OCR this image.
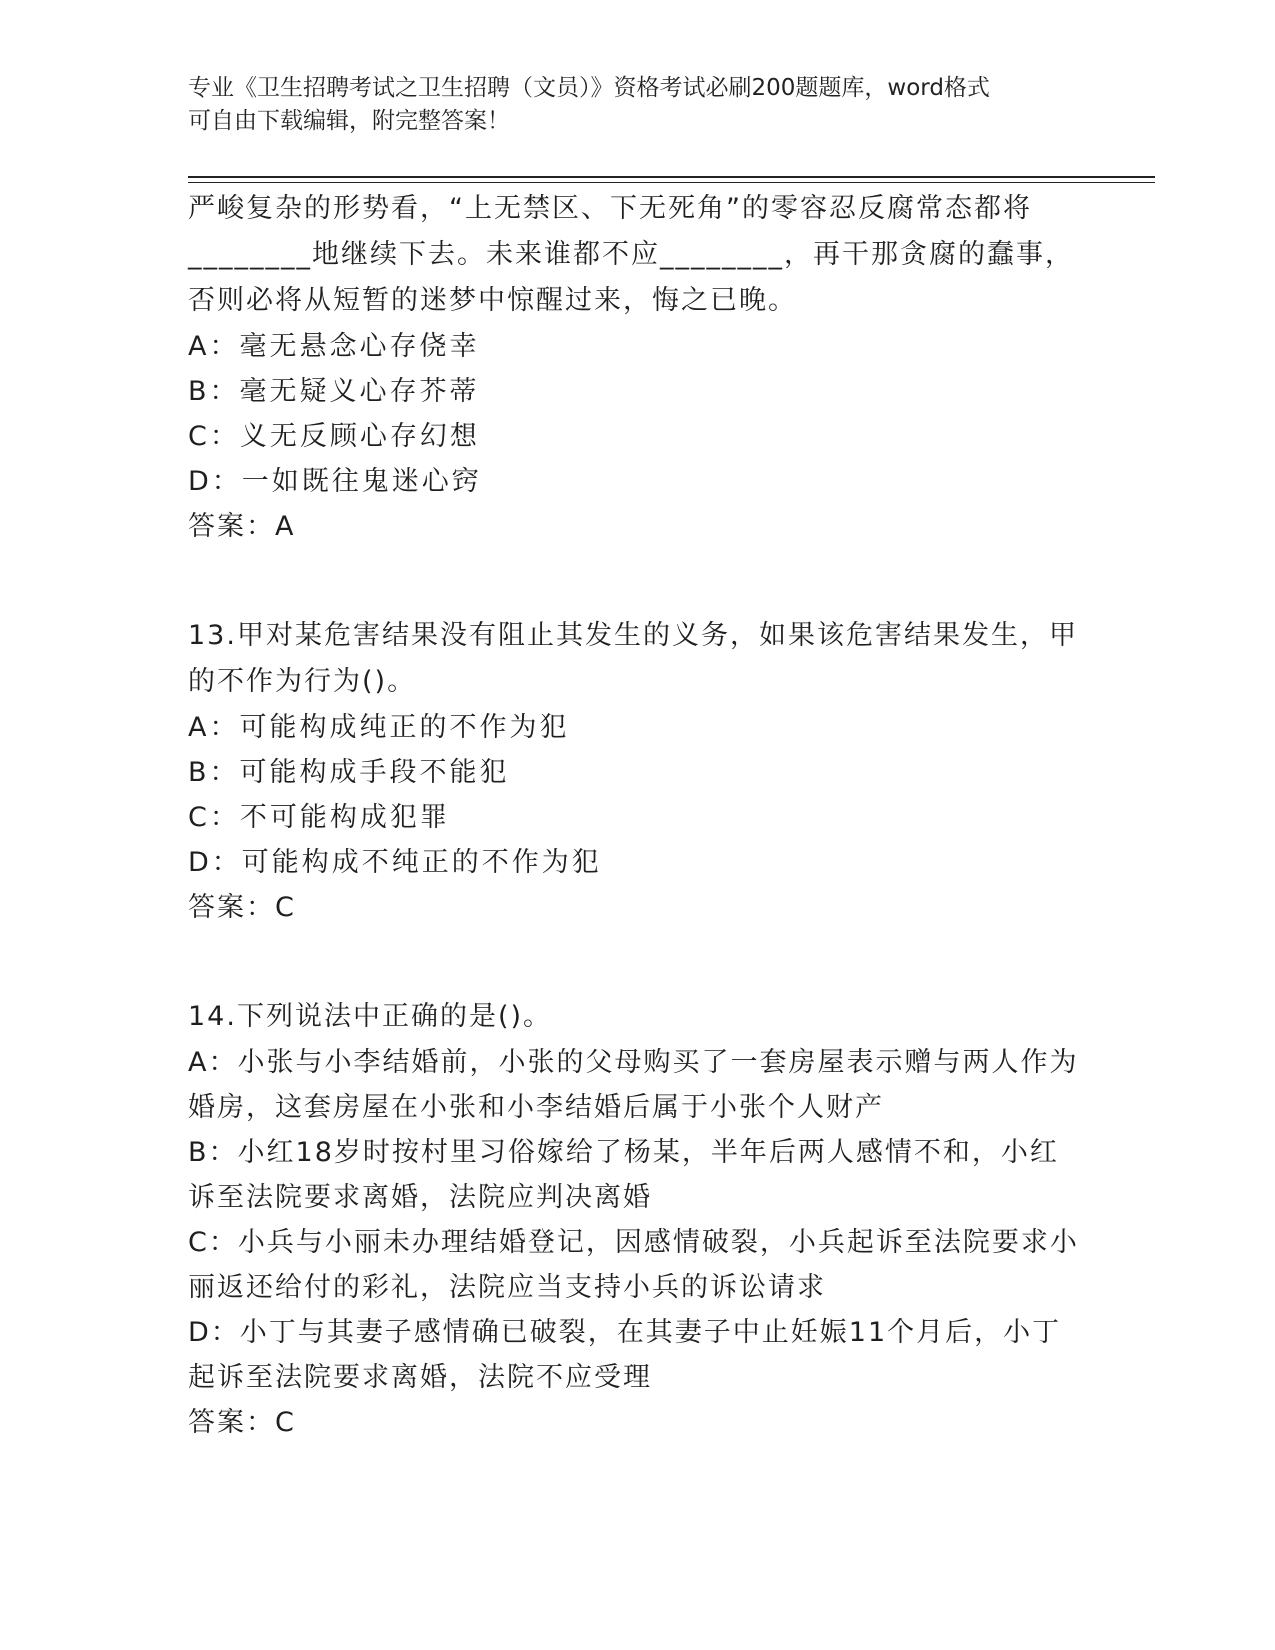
专业《卫生招聘考试之卫生招聘（文员）》资格考试必刷200题题库，word格式
可自由下载编辑，附完整答案！

严峻复杂的形势看，“上无禁区、下无死角”的零容忍反腐常态都将

________地继续下去。未来谁都不应________，再干那贪腐的蠢事，

否则必将从短暂的迷梦中惊醒过来，悔之已晚。

A：毫无悬念心存侥幸

B：毫无疑义心存芥蒂

C：义无反顾心存幻想

D：一如既往鬼迷心窍

答案：A

13.甲对某危害结果没有阻止其发生的义务，如果该危害结果发生，甲

的不作为行为()。

A：可能构成纯正的不作为犯

B：可能构成手段不能犯

C：不可能构成犯罪

D：可能构成不纯正的不作为犯

答案：C

14.下列说法中正确的是()。

A：小张与小李结婚前，小张的父母购买了一套房屋表示赠与两人作为

婚房，这套房屋在小张和小李结婚后属于小张个人财产

B：小红18岁时按村里习俗嫁给了杨某，半年后两人感情不和，小红

诉至法院要求离婚，法院应判决离婚

C：小兵与小丽未办理结婚登记，因感情破裂，小兵起诉至法院要求小

丽返还给付的彩礼，法院应当支持小兵的诉讼请求

D：小丁与其妻子感情确已破裂，在其妻子中止妊娠11个月后，小丁

起诉至法院要求离婚，法院不应受理

答案：C
